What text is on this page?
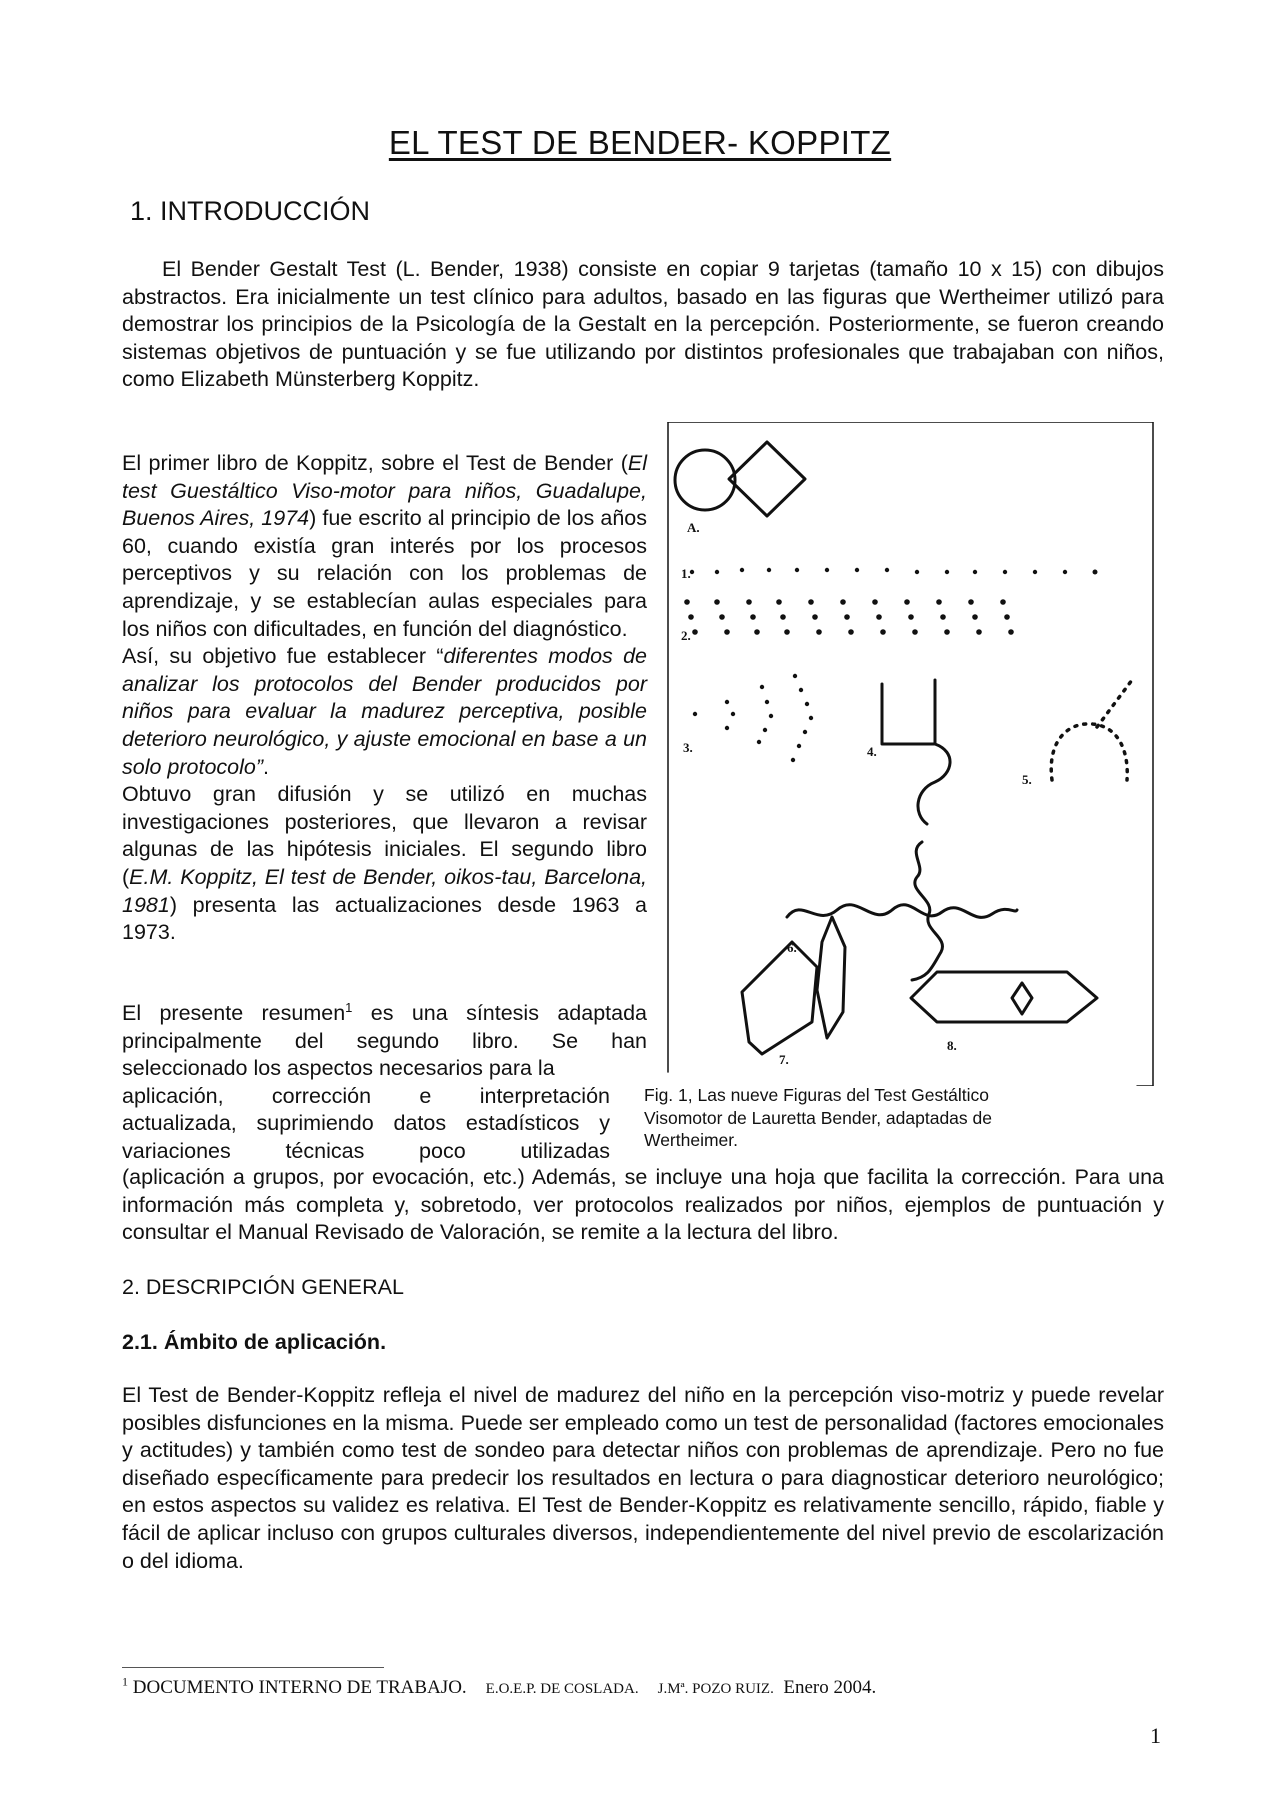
EL TEST DE BENDER- KOPPITZ
1. INTRODUCCIÓN
El Bender Gestalt Test (L. Bender, 1938) consiste en copiar 9 tarjetas (tamaño 10 x 15) con dibujos abstractos. Era inicialmente un test clínico para adultos, basado en las figuras que Wertheimer utilizó para demostrar los principios de la Psicología de la Gestalt en la percepción. Posteriormente, se fueron creando sistemas objetivos de puntuación y se fue utilizando por distintos profesionales que trabajaban con niños, como Elizabeth Münsterberg Koppitz.
El primer libro de Koppitz, sobre el Test de Bender (El test Guestáltico Viso-motor para niños, Guadalupe, Buenos Aires, 1974) fue escrito al principio de los años 60, cuando existía gran interés por los procesos perceptivos y su relación con los problemas de aprendizaje, y se establecían aulas especiales para los niños con dificultades, en función del diagnóstico.
Así, su objetivo fue establecer “diferentes modos de analizar los protocolos del Bender producidos por niños para evaluar la madurez perceptiva, posible deterioro neurológico, y ajuste emocional en base a un solo protocolo”.
Obtuvo gran difusión y se utilizó en muchas investigaciones posteriores, que llevaron a revisar algunas de las hipótesis iniciales. El segundo libro (E.M. Koppitz, El test de Bender, oikos-tau, Barcelona, 1981) presenta las actualizaciones desde 1963 a 1973.
El presente resumen$^1$ es una síntesis adaptada
principalmente del segundo libro. Se han
seleccionado los aspectos necesarios para la
aplicación, corrección e interpretación
actualizada, suprimiendo datos estadísticos y
variaciones técnicas poco utilizadas
(aplicación a grupos, por evocación, etc.) Además, se incluye una hoja que facilita la corrección. Para una información más completa y, sobretodo, ver protocolos realizados por niños, ejemplos de puntuación y consultar el Manual Revisado de Valoración, se remite a la lectura del libro.
A.
1.
2.
3.	4.
5.
6.
7.
8.
Fig. 1, Las nueve Figuras del Test Gestáltico Visomotor de Lauretta Bender, adaptadas de Wertheimer.
2. DESCRIPCIÓN GENERAL
2.1. Ámbito de aplicación.
El Test de Bender-Koppitz refleja el nivel de madurez del niño en la percepción viso-motriz y puede revelar posibles disfunciones en la misma. Puede ser empleado como un test de personalidad (factores emocionales y actitudes) y también como test de sondeo para detectar niños con problemas de aprendizaje. Pero no fue diseñado específicamente para predecir los resultados en lectura o para diagnosticar deterioro neurológico; en estos aspectos su validez es relativa. El Test de Bender-Koppitz es relativamente sencillo, rápido, fiable y fácil de aplicar incluso con grupos culturales diversos, independientemente del nivel previo de escolarización o del idioma.
$^1$ DOCUMENTO INTERNO DE TRABAJO. E.O.E.P. DE COSLADA. J.Mª. POZO RUIZ. Enero 2004.
1
